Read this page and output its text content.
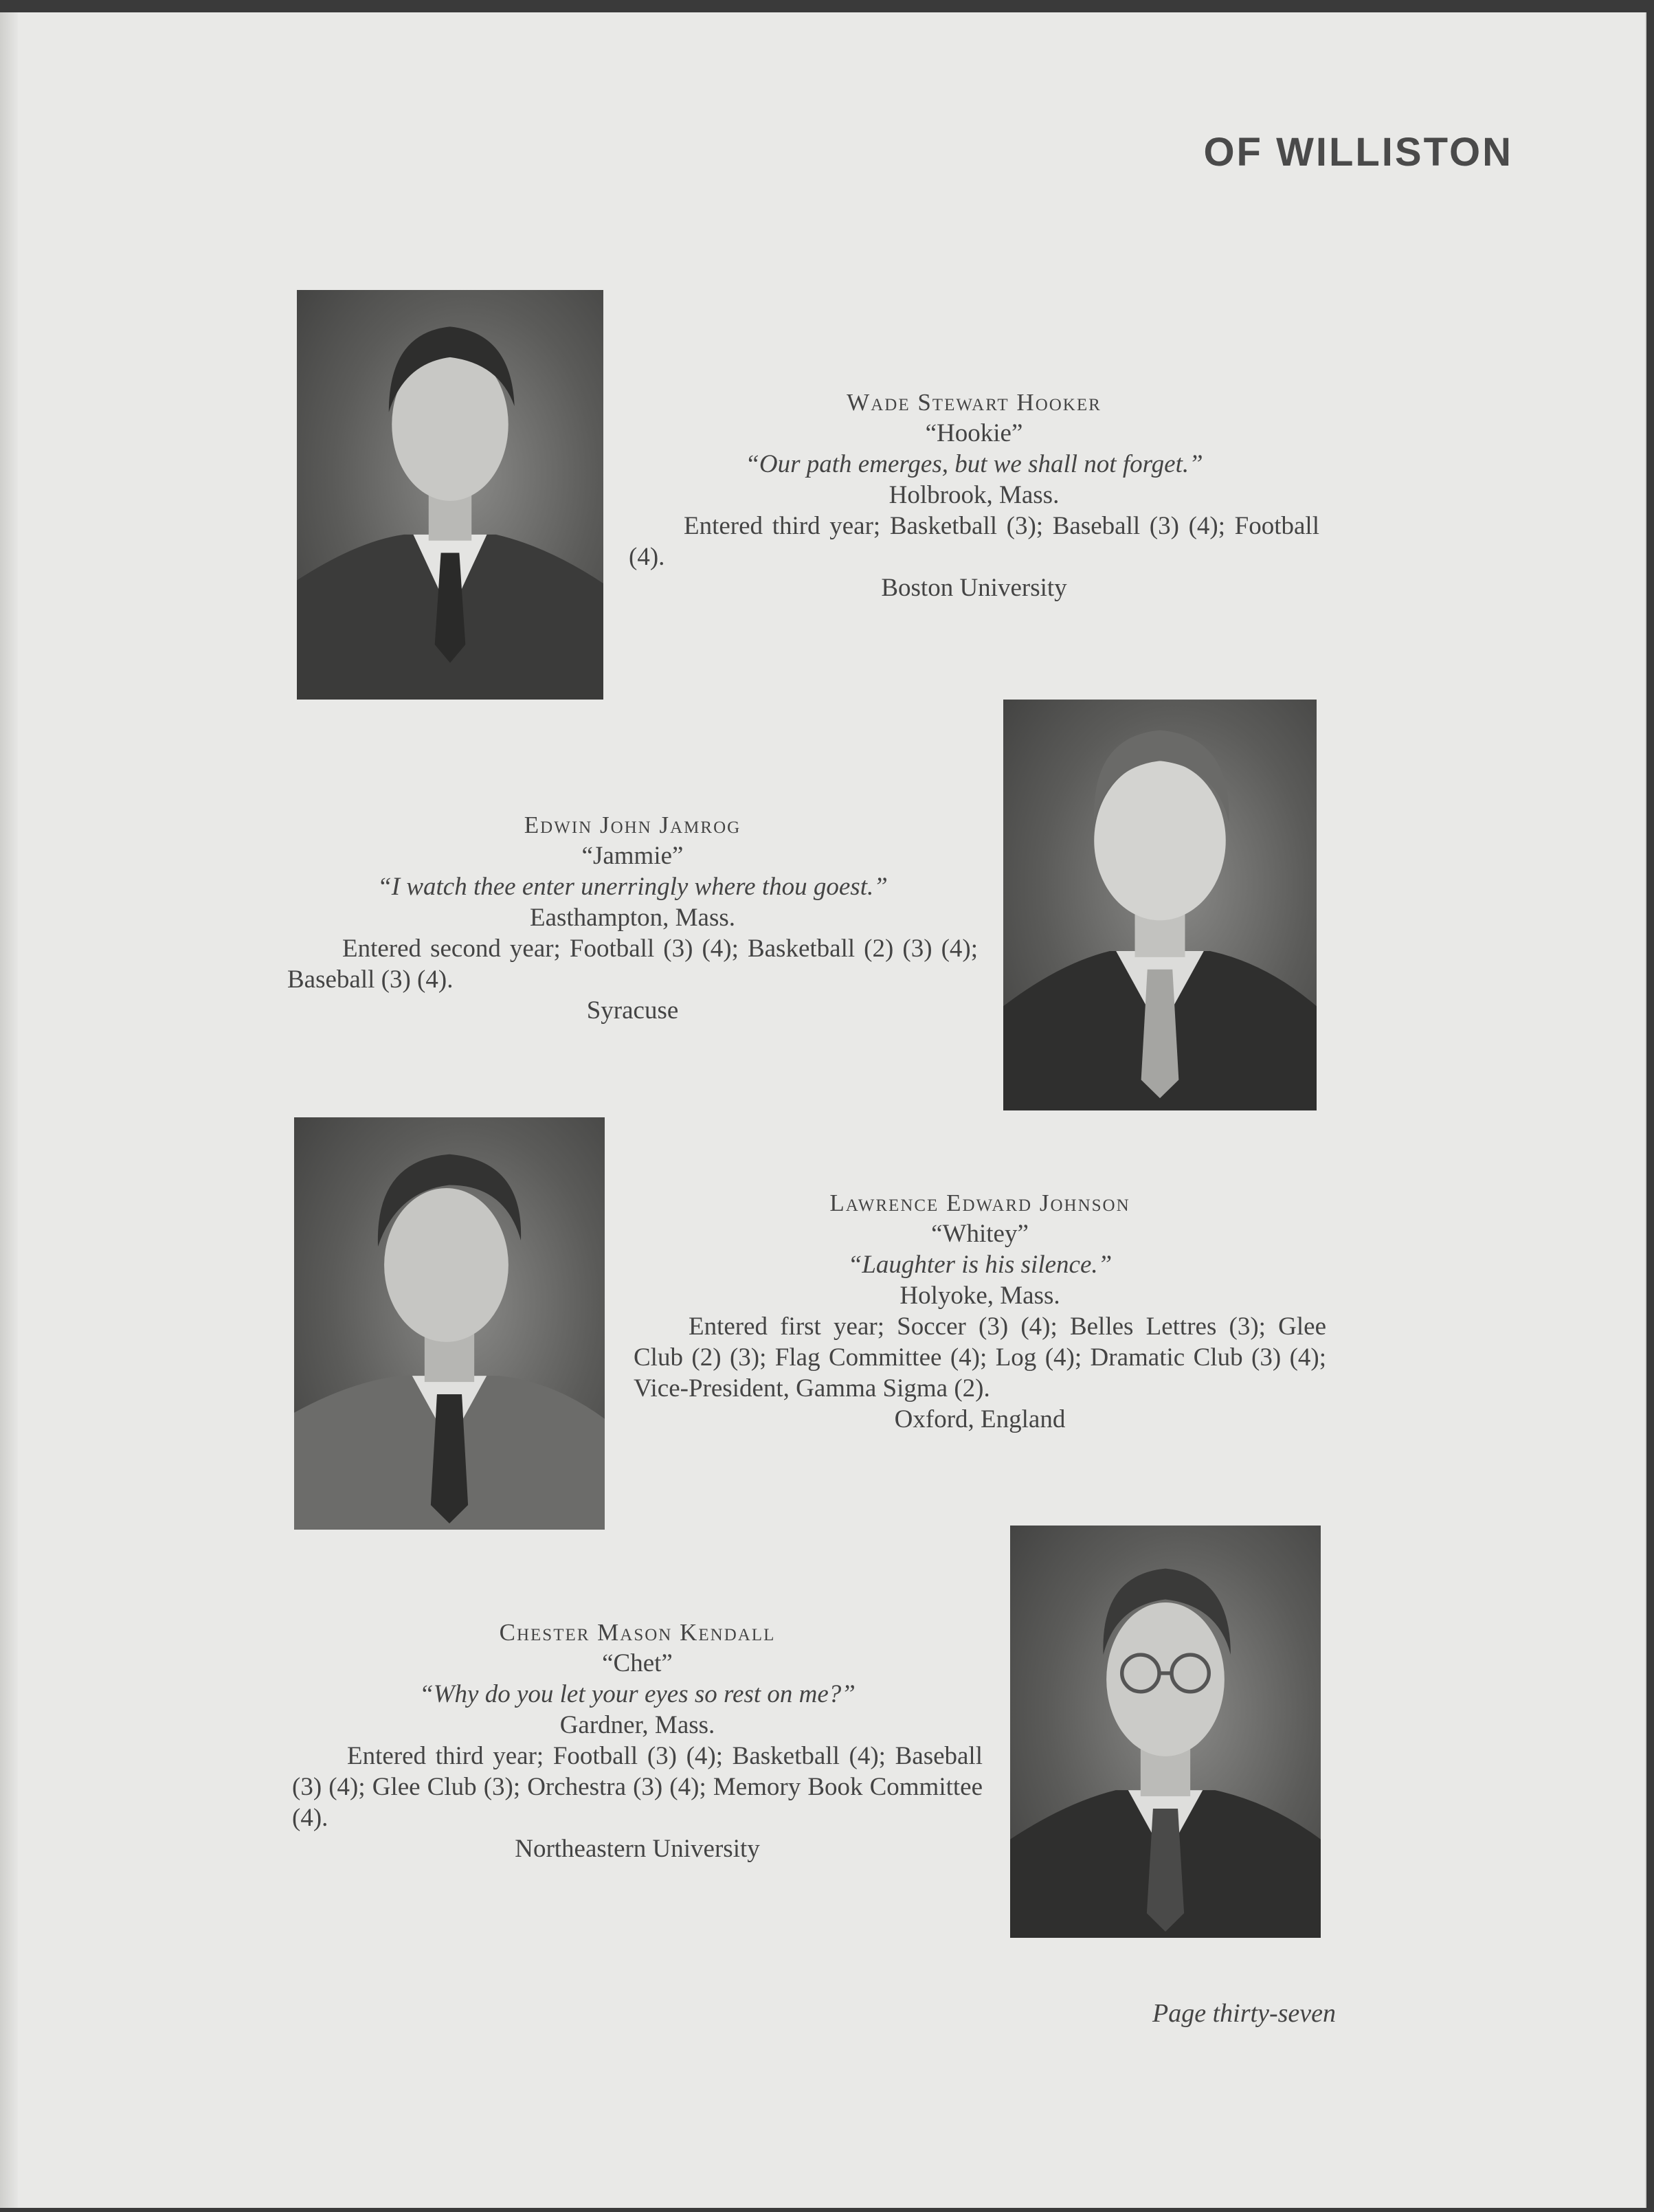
OF WILLISTON
Wade Stewart Hooker
“Hookie”
“Our path emerges, but we shall not forget.”
Holbrook, Mass.
Entered third year; Basketball (3); Baseball (3) (4); Football (4).
Boston University
Edwin John Jamrog
“Jammie”
“I watch thee enter unerringly where thou goest.”
Easthampton, Mass.
Entered second year; Football (3) (4); Basketball (2) (3) (4); Baseball (3) (4).
Syracuse
Lawrence Edward Johnson
“Whitey”
“Laughter is his silence.”
Holyoke, Mass.
Entered first year; Soccer (3) (4); Belles Lettres (3); Glee Club (2) (3); Flag Committee (4); Log (4); Dramatic Club (3) (4); Vice-President, Gamma Sigma (2).
Oxford, England
Chester Mason Kendall
“Chet”
“Why do you let your eyes so rest on me?”
Gardner, Mass.
Entered third year; Football (3) (4); Basketball (4); Baseball (3) (4); Glee Club (3); Orchestra (3) (4); Memory Book Committee (4).
Northeastern University
Page thirty-seven
